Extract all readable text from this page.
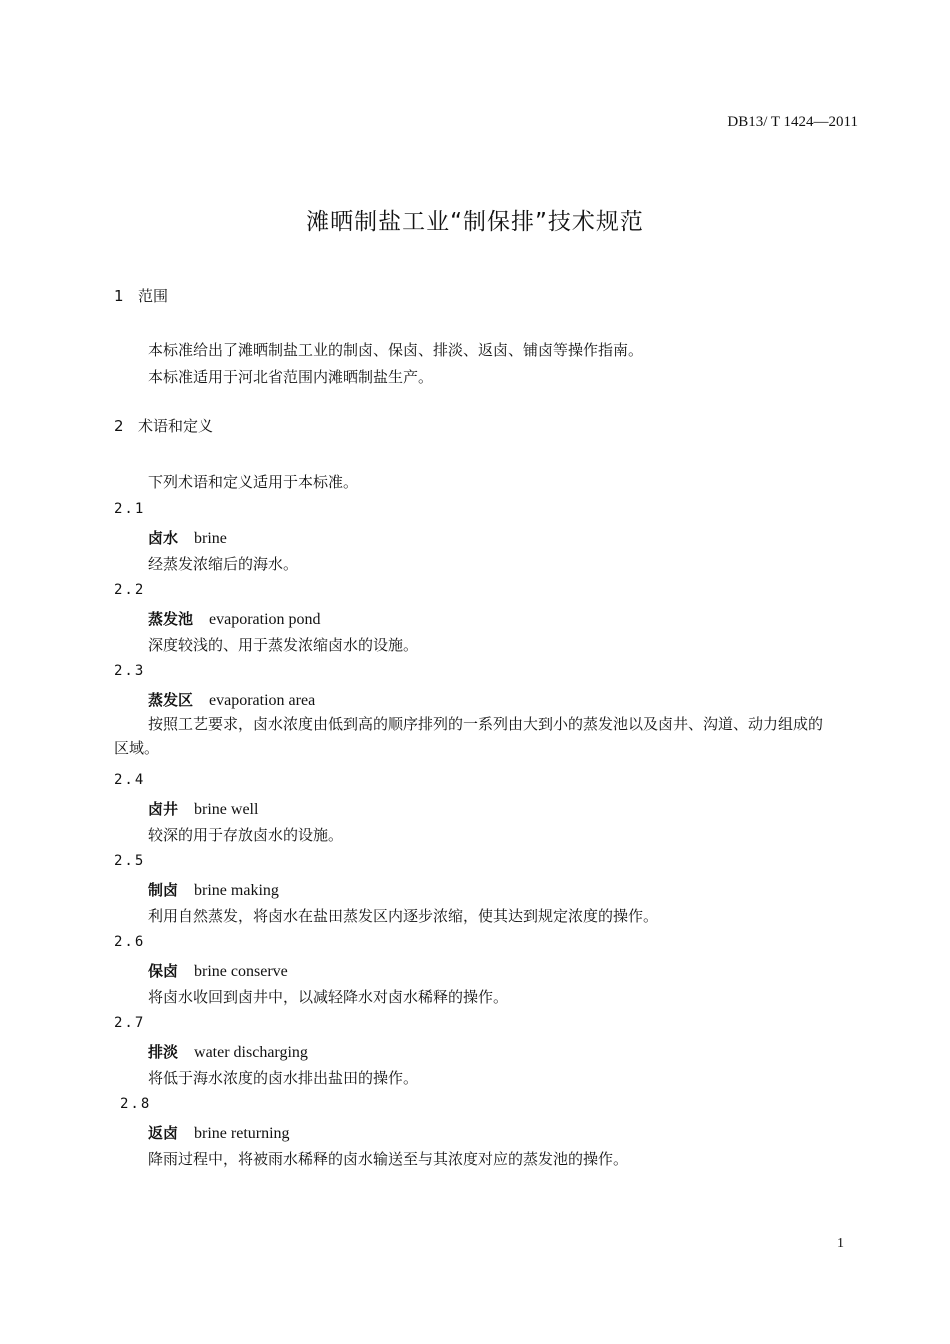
DB13/ T 1424—2011
滩晒制盐工业“制保排”技术规范
1 范围
本标准给出了滩晒制盐工业的制卤、保卤、排淡、返卤、铺卤等操作指南。
本标准适用于河北省范围内滩晒制盐生产。
2 术语和定义
下列术语和定义适用于本标准。
2.1
卤水 brine
经蒸发浓缩后的海水。
2.2
蒸发池 evaporation pond
深度较浅的、用于蒸发浓缩卤水的设施。
2.3
蒸发区 evaporation area
按照工艺要求，卤水浓度由低到高的顺序排列的一系列由大到小的蒸发池以及卤井、沟道、动力组成的区域。
2.4
卤井 brine well
较深的用于存放卤水的设施。
2.5
制卤 brine making
利用自然蒸发，将卤水在盐田蒸发区内逐步浓缩，使其达到规定浓度的操作。
2.6
保卤 brine conserve
将卤水收回到卤井中，以减轻降水对卤水稀释的操作。
2.7
排淡 water discharging
将低于海水浓度的卤水排出盐田的操作。
2.8
返卤 brine returning
降雨过程中，将被雨水稀释的卤水输送至与其浓度对应的蒸发池的操作。
1
